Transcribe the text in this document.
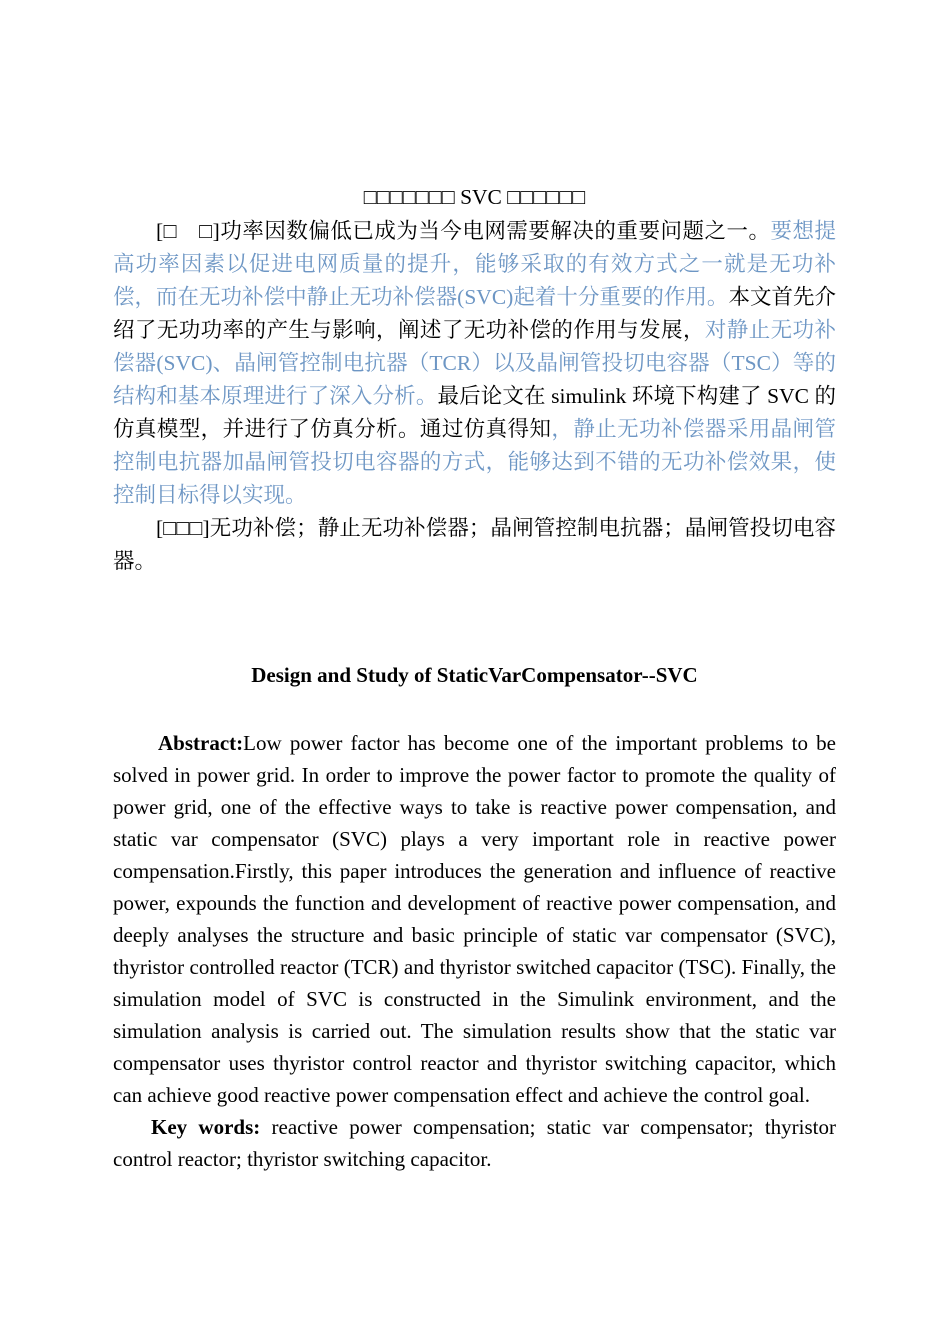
□□□□□□□ SVC □□□□□□

[□　□]功率因数偏低已成为当今电网需要解决的重要问题之一。要想提高功率因素以促进电网质量的提升，能够采取的有效方式之一就是无功补偿，而在无功补偿中静止无功补偿器(SVC)起着十分重要的作用。本文首先介绍了无功功率的产生与影响，阐述了无功补偿的作用与发展，对静止无功补偿器(SVC)、晶闸管控制电抗器（TCR）以及晶闸管投切电容器（TSC）等的结构和基本原理进行了深入分析。最后论文在 simulink 环境下构建了 SVC 的仿真模型，并进行了仿真分析。通过仿真得知，静止无功补偿器采用晶闸管控制电抗器加晶闸管投切电容器的方式，能够达到不错的无功补偿效果，使控制目标得以实现。

[□□□]无功补偿；静止无功补偿器；晶闸管控制电抗器；晶闸管投切电容器。

Design and Study of StaticVarCompensator--SVC

Abstract:Low power factor has become one of the important problems to be solved in power grid. In order to improve the power factor to promote the quality of power grid, one of the effective ways to take is reactive power compensation, and static var compensator (SVC) plays a very important role in reactive power compensation.Firstly, this paper introduces the generation and influence of reactive power, expounds the function and development of reactive power compensation, and deeply analyses the structure and basic principle of static var compensator (SVC), thyristor controlled reactor (TCR) and thyristor switched capacitor (TSC). Finally, the simulation model of SVC is constructed in the Simulink environment, and the simulation analysis is carried out. The simulation results show that the static var compensator uses thyristor control reactor and thyristor switching capacitor, which can achieve good reactive power compensation effect and achieve the control goal.

Key words: reactive power compensation; static var compensator; thyristor control reactor; thyristor switching capacitor.
